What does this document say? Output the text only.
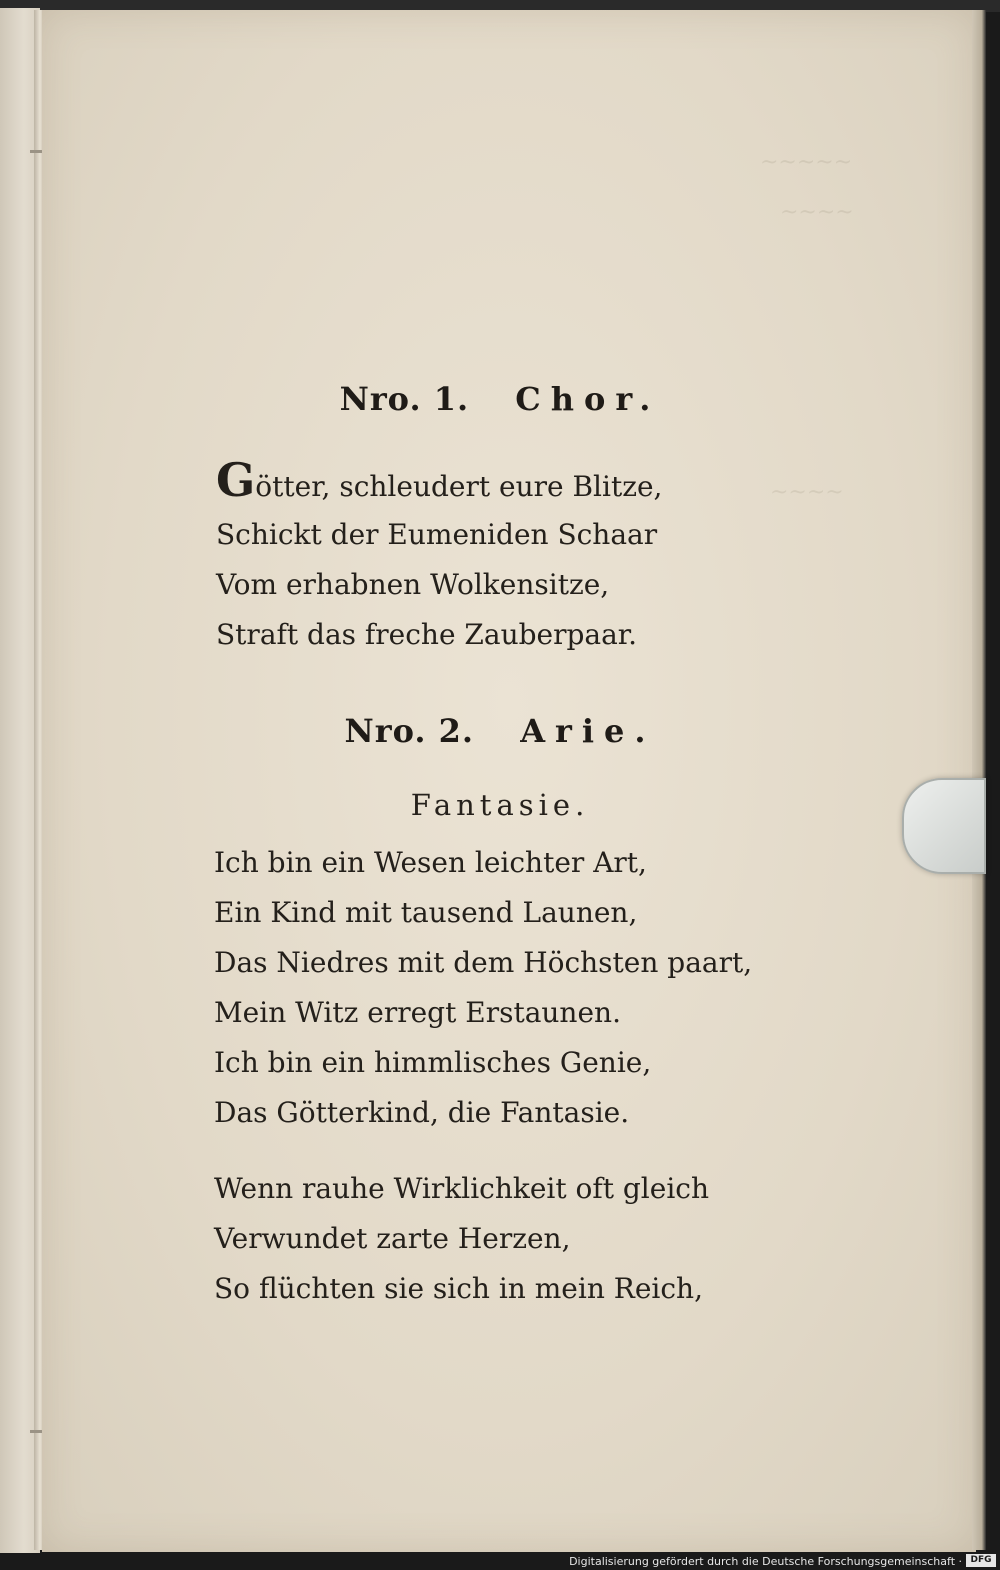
~~~~~
~~~~
~~~~
Nro. 1. Chor.
Götter, schleudert eure Blitze,
Schickt der Eumeniden Schaar
Vom erhabnen Wolkensitze,
Straft das freche Zauberpaar.
Nro. 2. Arie.
Fantasie.
Ich bin ein Wesen leichter Art,
Ein Kind mit tausend Launen,
Das Niedres mit dem Höchsten paart,
Mein Witz erregt Erstaunen.
Ich bin ein himmlisches Genie,
Das Götterkind, die Fantasie.
Wenn rauhe Wirklichkeit oft gleich
Verwundet zarte Herzen,
So flüchten sie sich in mein Reich,
Digitalisierung gefördert durch die Deutsche Forschungsgemeinschaft · DFG
